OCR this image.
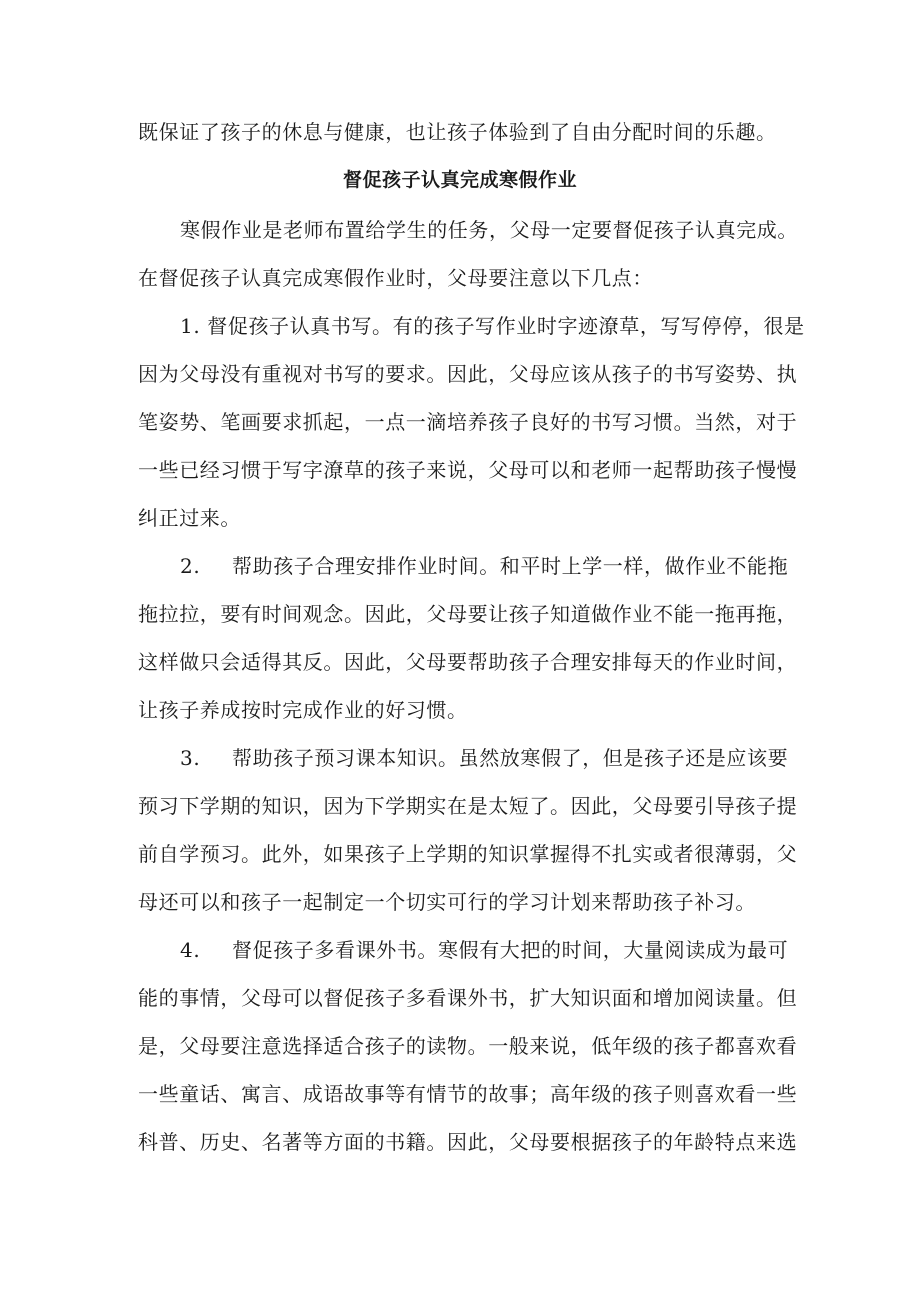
既保证了孩子的休息与健康，也让孩子体验到了自由分配时间的乐趣。
督促孩子认真完成寒假作业
寒假作业是老师布置给学生的任务，父母一定要督促孩子认真完成。
在督促孩子认真完成寒假作业时，父母要注意以下几点：
1. 督促孩子认真书写。有的孩子写作业时字迹潦草，写写停停，很是
因为父母没有重视对书写的要求。因此，父母应该从孩子的书写姿势、执
笔姿势、笔画要求抓起，一点一滴培养孩子良好的书写习惯。当然，对于
一些已经习惯于写字潦草的孩子来说，父母可以和老师一起帮助孩子慢慢
纠正过来。
2. 帮助孩子合理安排作业时间。和平时上学一样，做作业不能拖
拖拉拉，要有时间观念。因此，父母要让孩子知道做作业不能一拖再拖，
这样做只会适得其反。因此，父母要帮助孩子合理安排每天的作业时间，
让孩子养成按时完成作业的好习惯。
3. 帮助孩子预习课本知识。虽然放寒假了，但是孩子还是应该要
预习下学期的知识，因为下学期实在是太短了。因此，父母要引导孩子提
前自学预习。此外，如果孩子上学期的知识掌握得不扎实或者很薄弱，父
母还可以和孩子一起制定一个切实可行的学习计划来帮助孩子补习。
4. 督促孩子多看课外书。寒假有大把的时间，大量阅读成为最可
能的事情，父母可以督促孩子多看课外书，扩大知识面和增加阅读量。但
是，父母要注意选择适合孩子的读物。一般来说，低年级的孩子都喜欢看
一些童话、寓言、成语故事等有情节的故事；高年级的孩子则喜欢看一些
科普、历史、名著等方面的书籍。因此，父母要根据孩子的年龄特点来选
